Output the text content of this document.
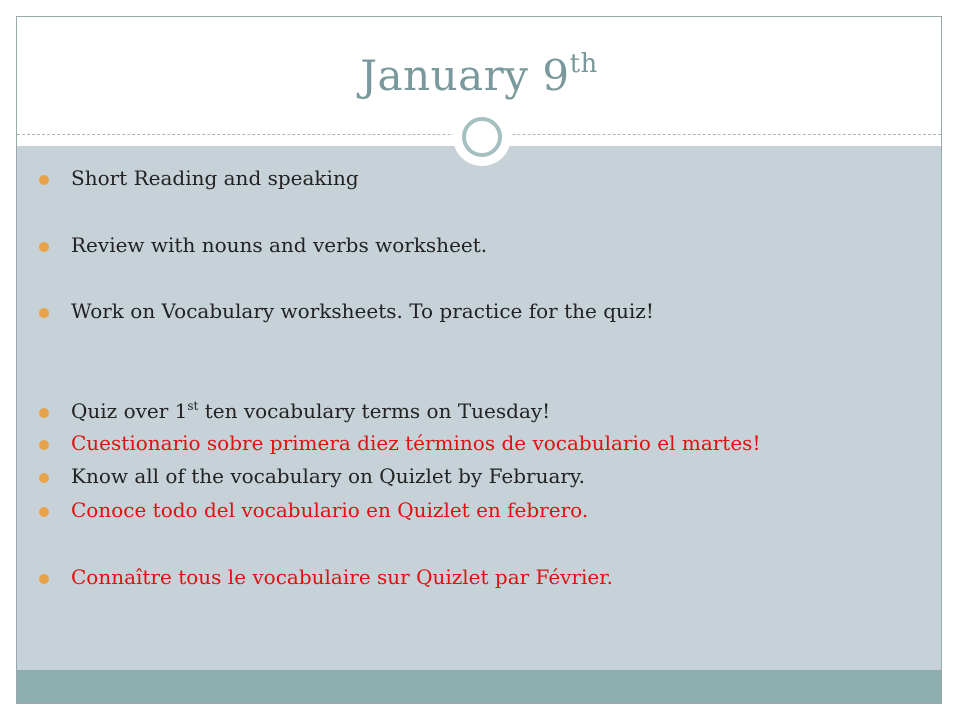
January 9th
Short Reading and speaking
Review with nouns and verbs worksheet.
Work on Vocabulary worksheets. To practice for the quiz!
Quiz over 1st ten vocabulary terms on Tuesday!
Cuestionario sobre primera diez términos de vocabulario el martes!
Know all of the vocabulary on Quizlet by February.
Conoce todo del vocabulario en Quizlet en febrero.
Connaître tous le vocabulaire sur Quizlet par Février.
